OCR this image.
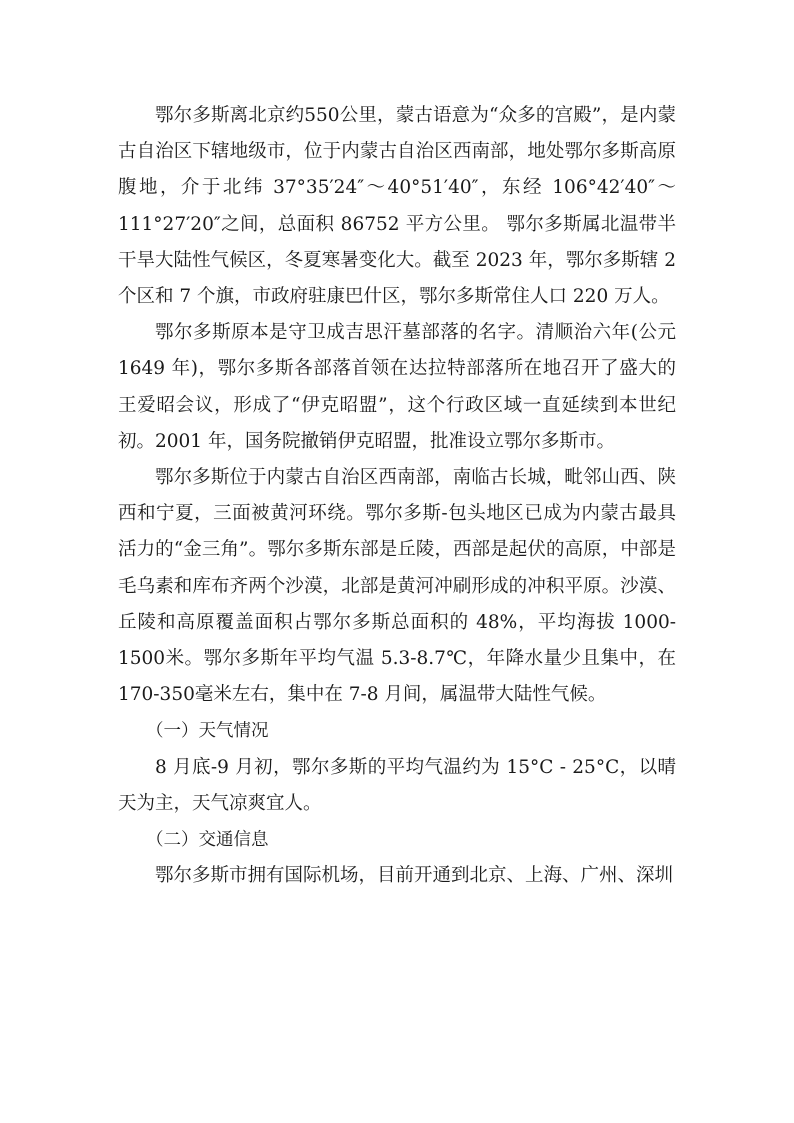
鄂尔多斯离北京约550公里，蒙古语意为“众多的宫殿”，是内蒙古自治区下辖地级市，位于内蒙古自治区西南部，地处鄂尔多斯高原腹地，介于北纬 37°35′24″～40°51′40″，东经 106°42′40″～111°27′20″之间，总面积 86752 平方公里。 鄂尔多斯属北温带半干旱大陆性气候区，冬夏寒暑变化大。截至 2023 年，鄂尔多斯辖 2 个区和 7 个旗，市政府驻康巴什区，鄂尔多斯常住人口 220 万人。

鄂尔多斯原本是守卫成吉思汗墓部落的名字。清顺治六年(公元1649 年)，鄂尔多斯各部落首领在达拉特部落所在地召开了盛大的王爱昭会议，形成了“伊克昭盟”，这个行政区域一直延续到本世纪初。2001 年，国务院撤销伊克昭盟，批准设立鄂尔多斯市。

鄂尔多斯位于内蒙古自治区西南部，南临古长城，毗邻山西、陕西和宁夏，三面被黄河环绕。鄂尔多斯-包头地区已成为内蒙古最具活力的“金三角”。鄂尔多斯东部是丘陵，西部是起伏的高原，中部是毛乌素和库布齐两个沙漠，北部是黄河冲刷形成的冲积平原。沙漠、丘陵和高原覆盖面积占鄂尔多斯总面积的 48%，平均海拔 1000-1500米。鄂尔多斯年平均气温 5.3-8.7℃，年降水量少且集中，在 170-350毫米左右，集中在 7-8 月间，属温带大陆性气候。

（一）天气情况

8 月底-9 月初，鄂尔多斯的平均气温约为 15°C - 25°C，以晴天为主，天气凉爽宜人。

（二）交通信息

鄂尔多斯市拥有国际机场，目前开通到北京、上海、广州、深圳
